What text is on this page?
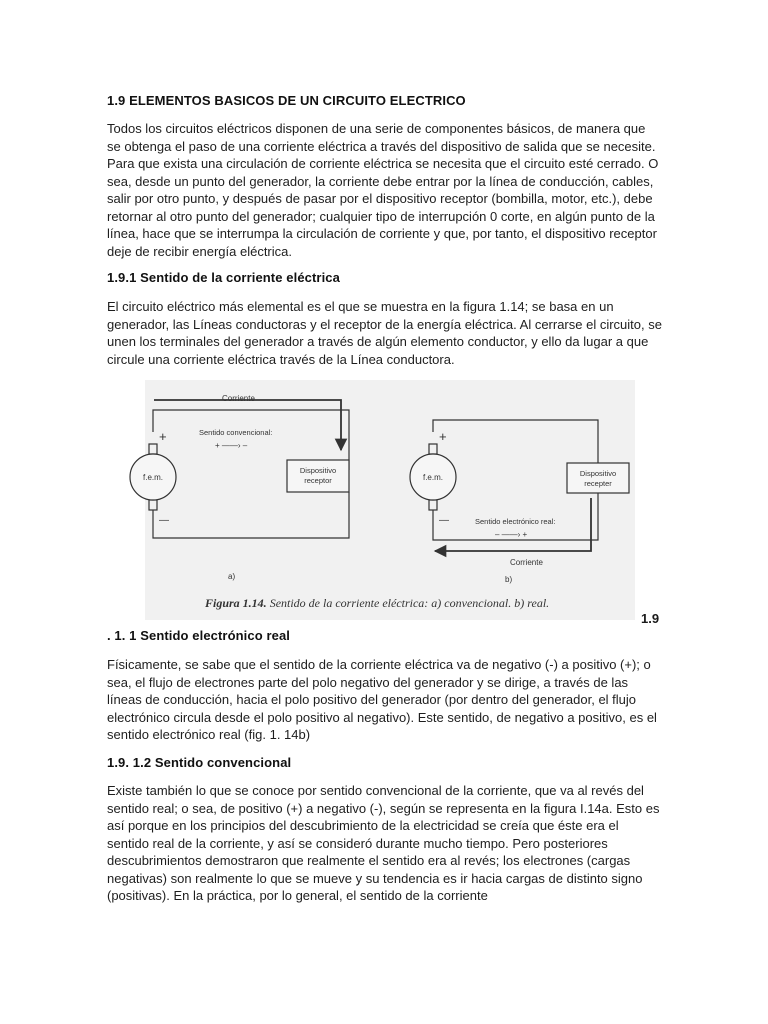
1.9 ELEMENTOS BASICOS DE UN CIRCUITO ELECTRICO

Todos los circuitos eléctricos disponen de una serie de componentes básicos, de manera que se obtenga el paso de una corriente eléctrica a través del dispositivo de salida que se necesite. Para que exista una circulación de corriente eléctrica se necesita que el circuito esté cerrado. O sea, desde un punto del generador, la corriente debe entrar por la línea de conducción, cables, salir por otro punto, y después de pasar por el dispositivo receptor (bombilla, motor, etc.), debe retornar al otro punto del generador; cualquier tipo de interrupción 0 corte, en algún punto de la línea, hace que se interrumpa la circulación de corriente y que, por tanto, el dispositivo receptor deje de recibir energía eléctrica.

1.9.1 Sentido de la corriente eléctrica

El circuito eléctrico más elemental es el que se muestra en la figura 1.14; se basa en un generador, las Líneas conductoras y el receptor de la energía eléctrica. Al cerrarse el circuito, se unen los terminales del generador a través de algún elemento conductor, y ello da lugar a que circule una corriente eléctrica través de la Línea conductora.

. 1. 1 Sentido electrónico real

Físicamente, se sabe que el sentido de la corriente eléctrica va de negativo (-) a positivo (+); o sea, el flujo de electrones parte del polo negativo del generador y se dirige, a través de las líneas de conducción, hacia el polo positivo del generador (por dentro del generador, el flujo electrónico circula desde el polo positivo al negativo). Este sentido, de negativo a positivo, es el sentido electrónico real (fig. 1. 14b)

1.9. 1.2 Sentido convencional

Existe también lo que se conoce por sentido convencional de la corriente, que va al revés del sentido real; o sea, de positivo (+) a negativo (-), según se representa en la figura I.14a. Esto es así porque en los principios del descubrimiento de la electricidad se creía que éste era el sentido real de la corriente, y así se consideró durante mucho tiempo. Pero posteriores descubrimientos demostraron que realmente el sentido era al revés; los electrones (cargas negativas) son realmente lo que se mueve y su tendencia es ir hacia cargas de distinto signo (positivas). En la práctica, por lo general, el sentido de la corriente

1.9
Corriente
Sentido convencional:
+ ——› –
+
—
f.e.m.
Dispositivo
receptor
a)
Corriente
Sentido electrónico real:
– ——› +
+
—
f.e.m.	Dispositivo
recepter
b)
Figura 1.14. Sentido de la corriente eléctrica: a) convencional. b) real.
